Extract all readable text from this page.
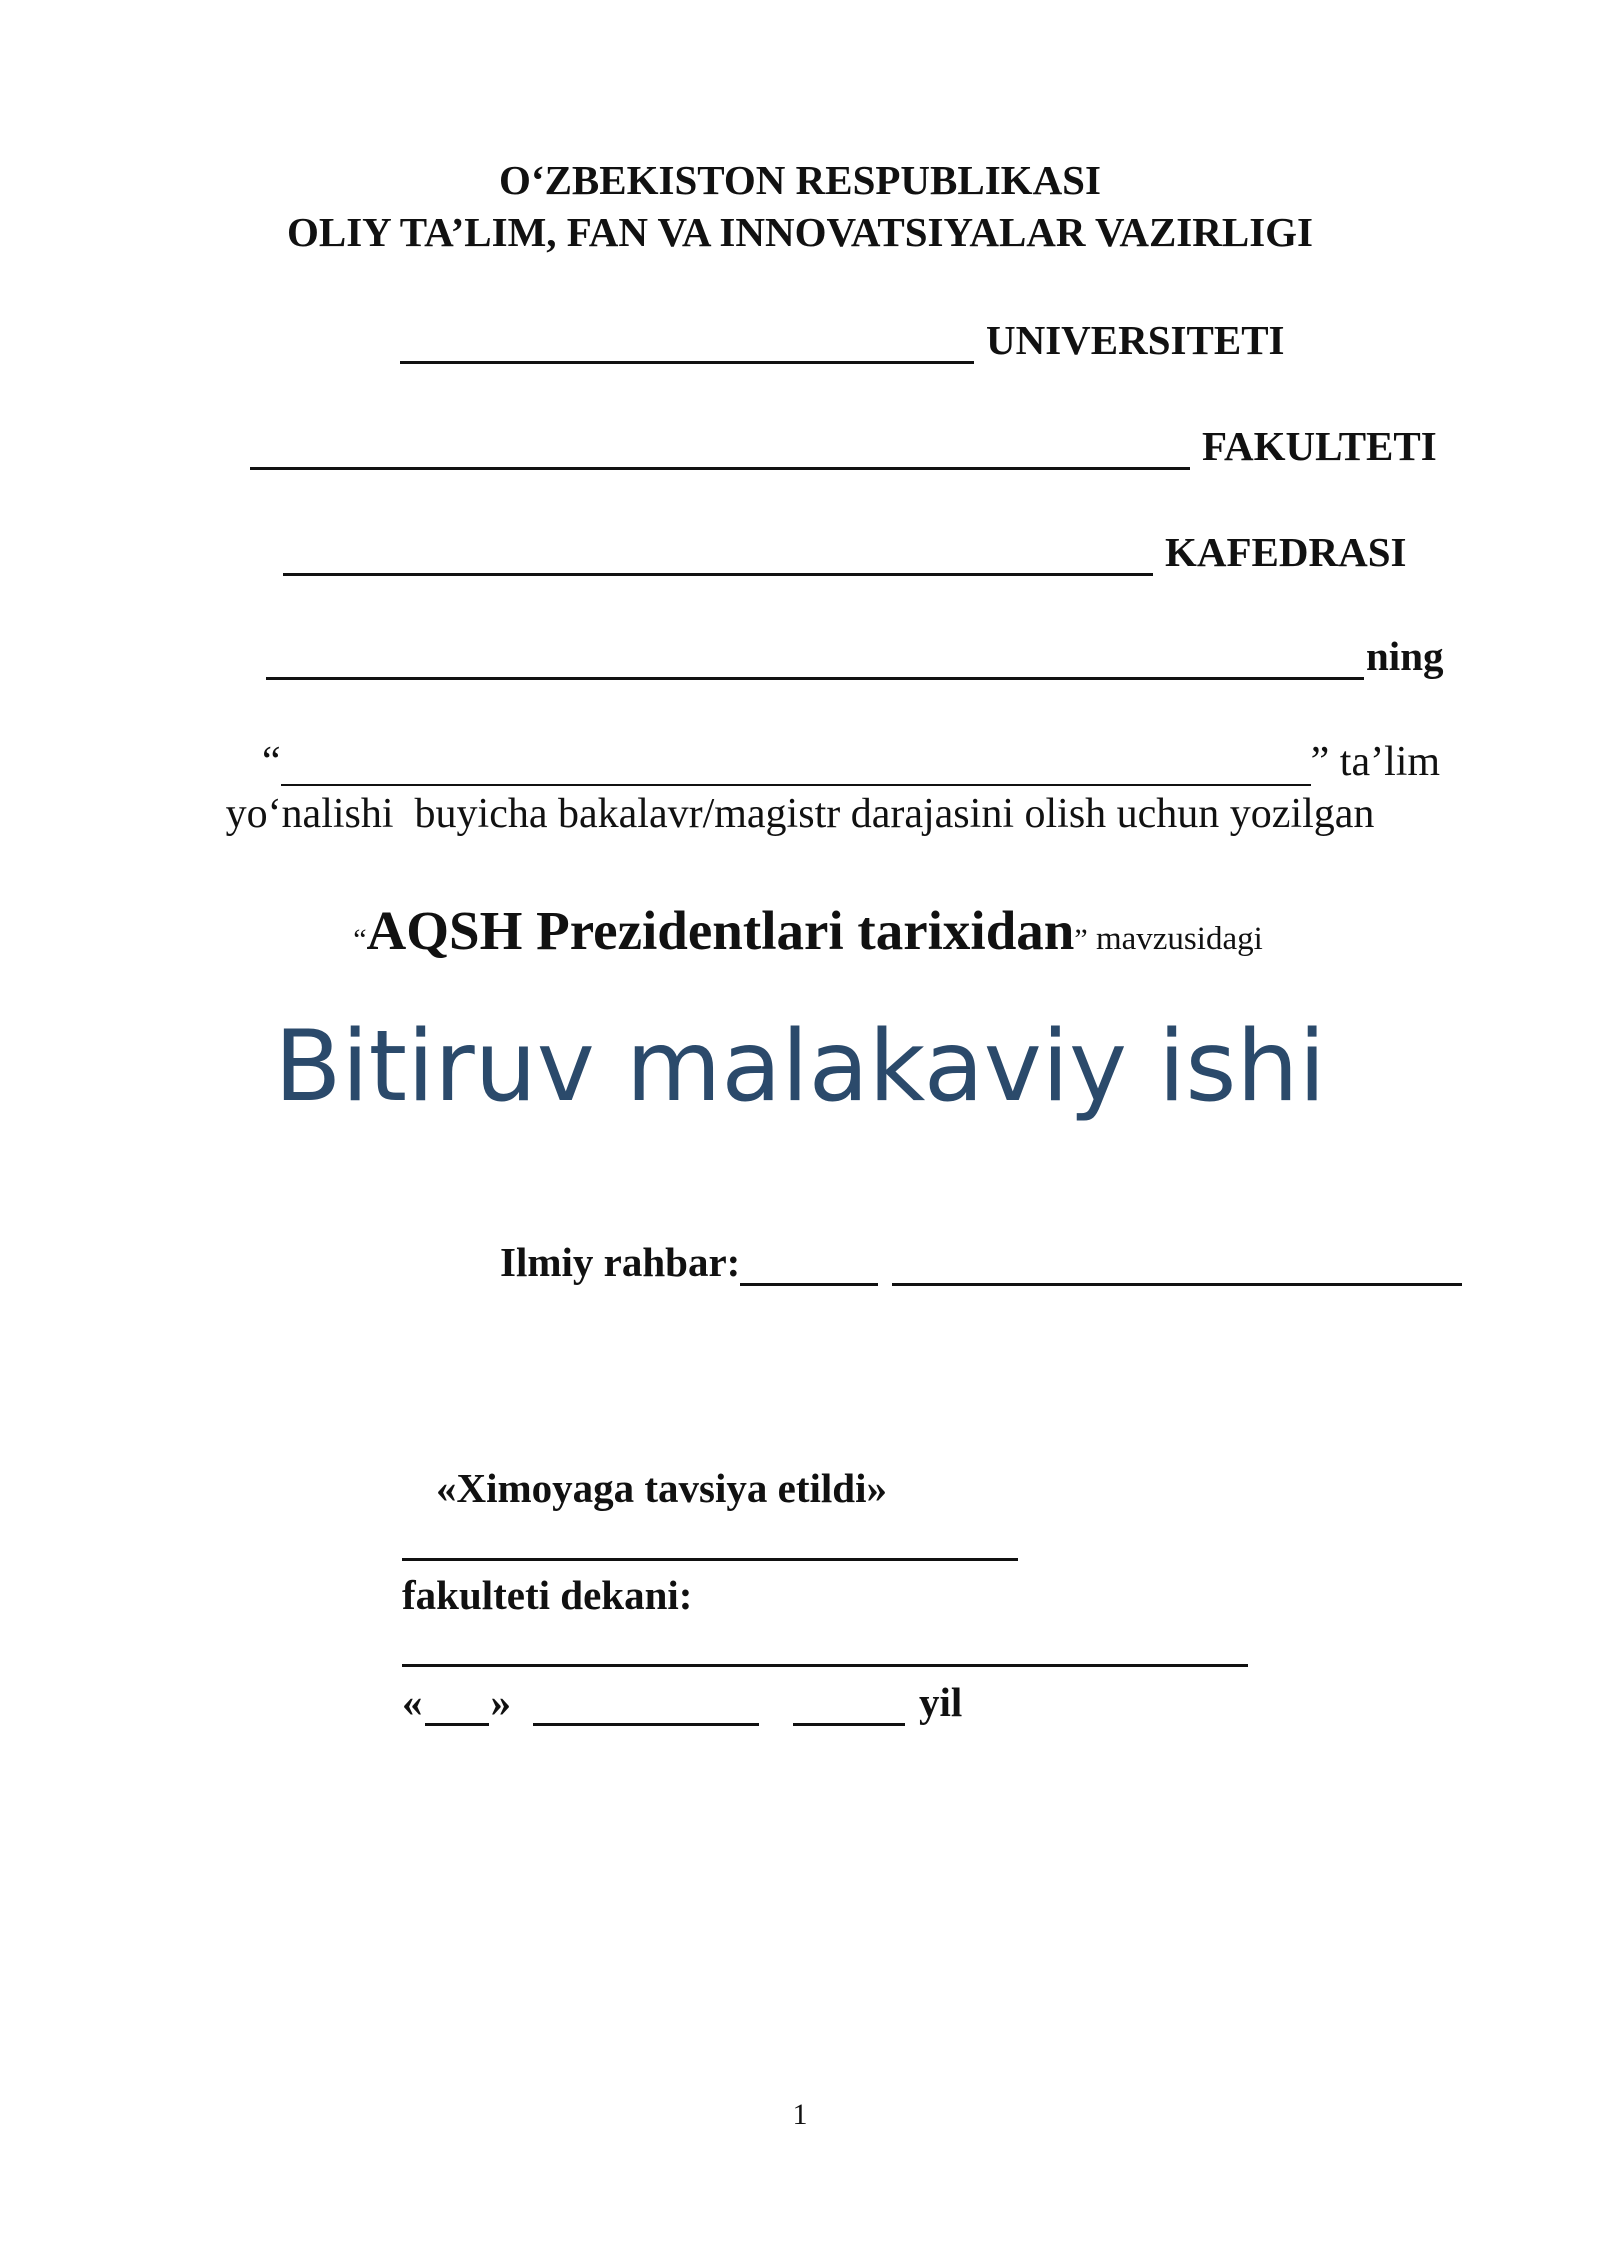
O‘ZBEKISTON RESPUBLIKASI
OLIY TA’LIM, FAN VA INNOVATSIYALAR VAZIRLIGI
UNIVERSITETI
FAKULTETI
KAFEDRASI
ning
“	” ta’lim
yo‘nalishi  buyicha bakalavr/magistr darajasini olish uchun yozilgan

“AQSH Prezidentlari tarixidan” mavzusidagi

Bitiruv malakaviy ishi
Ilmiy rahbar:
«Ximoyaga tavsiya etildi»
fakulteti dekani:
« »	yil
1
